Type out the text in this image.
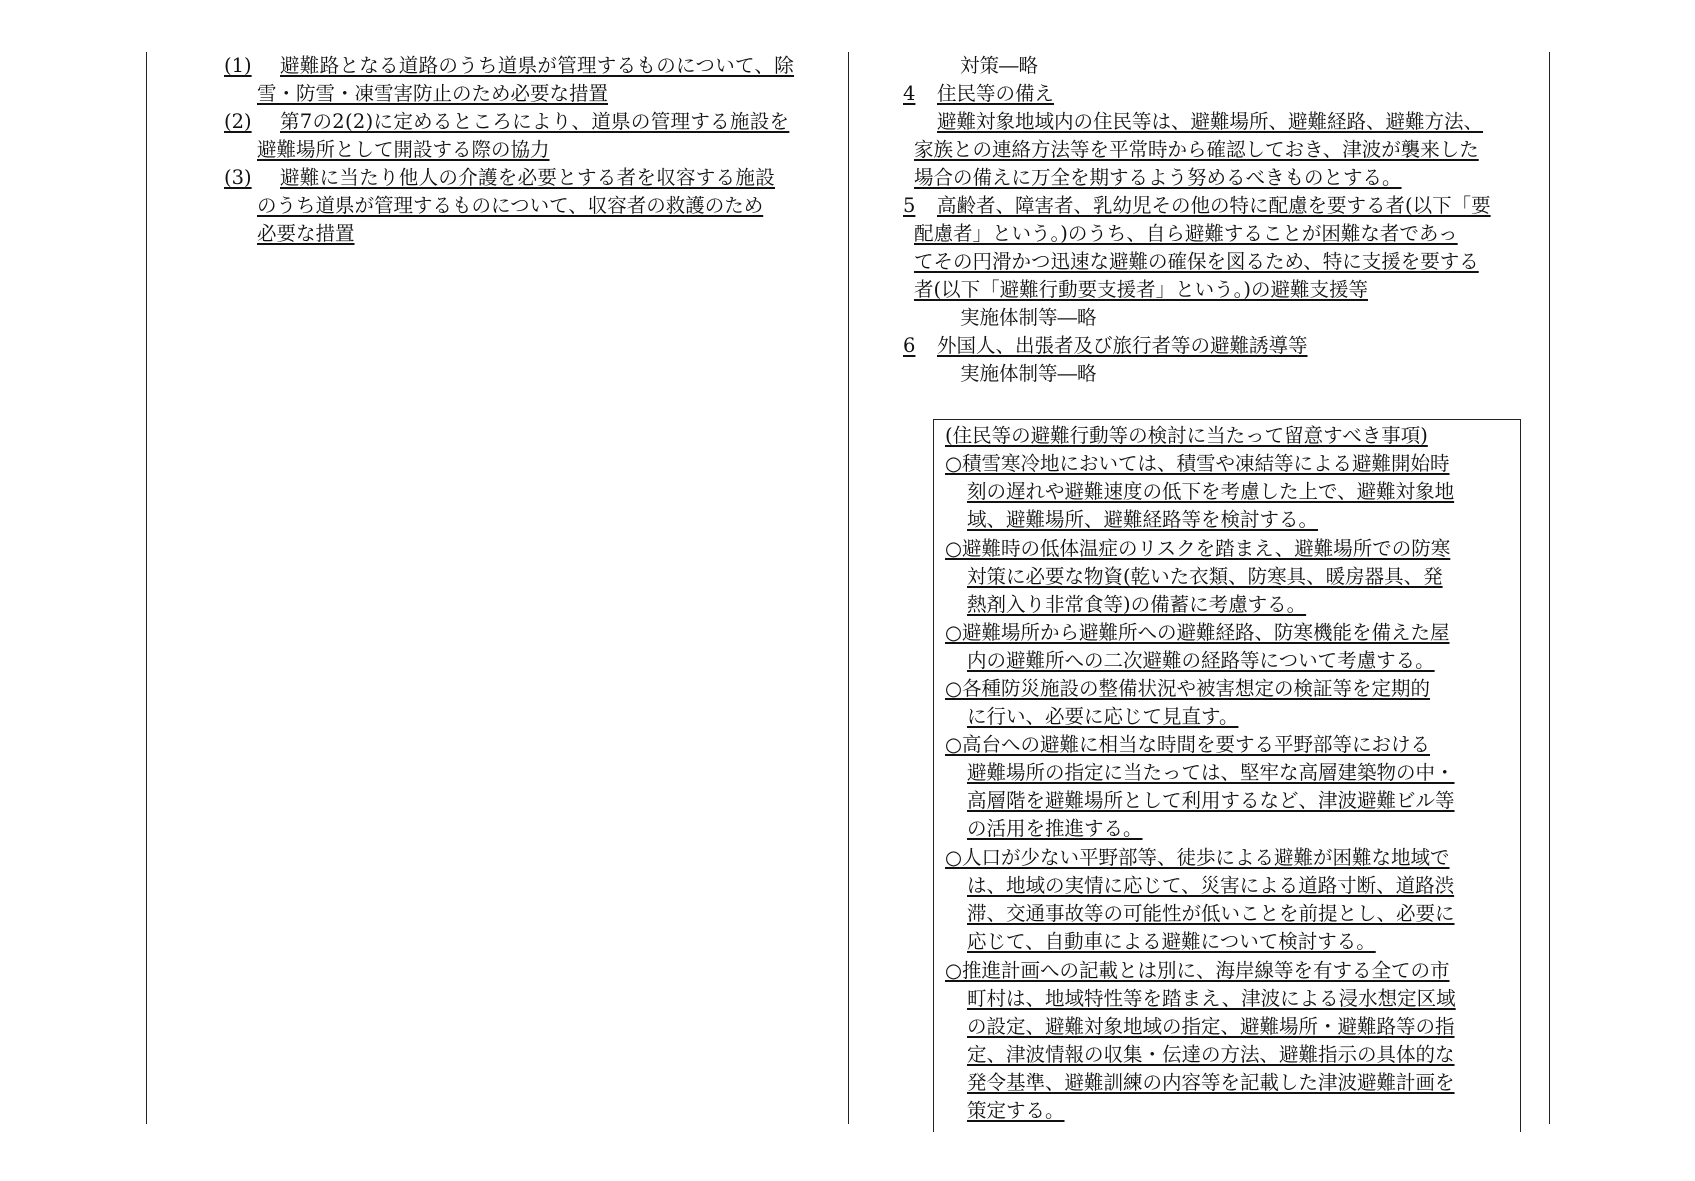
(1) 避難路となる道路のうち道県が管理するものについて、除
雪・防雪・凍雪害防止のため必要な措置
(2) 第7の2(2)に定めるところにより、道県の管理する施設を
避難場所として開設する際の協力
(3) 避難に当たり他人の介護を必要とする者を収容する施設
のうち道県が管理するものについて、収容者の救護のため
必要な措置
対策―略
4 住民等の備え
避難対象地域内の住民等は、避難場所、避難経路、避難方法、
家族との連絡方法等を平常時から確認しておき、津波が襲来した
場合の備えに万全を期するよう努めるべきものとする。
5 高齢者、障害者、乳幼児その他の特に配慮を要する者(以下「要
配慮者」という。)のうち、自ら避難することが困難な者であっ
てその円滑かつ迅速な避難の確保を図るため、特に支援を要する
者(以下「避難行動要支援者」という。)の避難支援等
実施体制等―略
6 外国人、出張者及び旅行者等の避難誘導等
実施体制等―略
(住民等の避難行動等の検討に当たって留意すべき事項)
○積雪寒冷地においては、積雪や凍結等による避難開始時
刻の遅れや避難速度の低下を考慮した上で、避難対象地
域、避難場所、避難経路等を検討する。
○避難時の低体温症のリスクを踏まえ、避難場所での防寒
対策に必要な物資(乾いた衣類、防寒具、暖房器具、発
熱剤入り非常食等)の備蓄に考慮する。
○避難場所から避難所への避難経路、防寒機能を備えた屋
内の避難所への二次避難の経路等について考慮する。
○各種防災施設の整備状況や被害想定の検証等を定期的
に行い、必要に応じて見直す。
○高台への避難に相当な時間を要する平野部等における
避難場所の指定に当たっては、堅牢な高層建築物の中・
高層階を避難場所として利用するなど、津波避難ビル等
の活用を推進する。
○人口が少ない平野部等、徒歩による避難が困難な地域で
は、地域の実情に応じて、災害による道路寸断、道路渋
滞、交通事故等の可能性が低いことを前提とし、必要に
応じて、自動車による避難について検討する。
○推進計画への記載とは別に、海岸線等を有する全ての市
町村は、地域特性等を踏まえ、津波による浸水想定区域
の設定、避難対象地域の指定、避難場所・避難路等の指
定、津波情報の収集・伝達の方法、避難指示の具体的な
発令基準、避難訓練の内容等を記載した津波避難計画を
策定する。
